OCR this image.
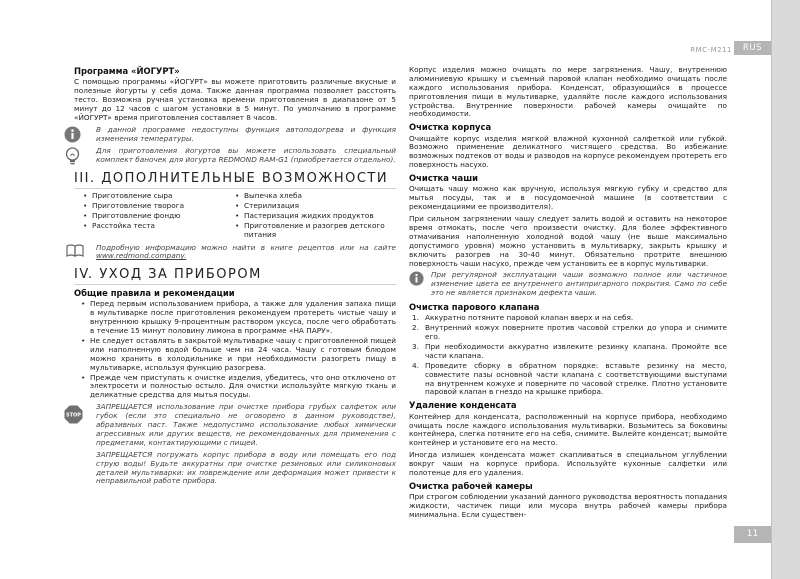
RMC-M211	RUS
11
Программа «ЙОГУРТ»

С помощью программы «ЙОГУРТ» вы можете приготовить различные вкусные и полезные йогурты у себя дома. Также данная программа позволяет расстоять тесто. Возможна ручная установка времени приготовления в диапазоне от 5 минут до 12 часов с шагом установки в 5 минут. По умолчанию в программе «ЙОГУРТ» время приготовления составляет 8 часов.

В данной программе недоступны функция автоподогрева и функция изменения температуры.

Для приготовления йогуртов вы можете использовать специальный комплект баночек для йогурта REDMOND RAM-G1 (приобретается отдельно).

III. ДОПОЛНИТЕЛЬНЫЕ ВОЗМОЖНОСТИ
• Приготовление сыра	• Выпечка хлеба
• Приготовление творога	• Стерилизация
• Приготовление фондю	• Пастеризация жидких продуктов
• Расстойка теста	• Приготовление и разогрев детского питания

Подробную информацию можно найти в книге рецептов или на сайте www.redmond.company.

IV. УХОД ЗА ПРИБОРОМ
Общие правила и рекомендации
• Перед первым использованием прибора, а также для удаления запаха пищи в мультиварке после приготовления рекомендуем протереть чистые чашу и внутреннюю крышку 9-процентным раствором уксуса, после чего обработать в течение 15 минут половину лимона в программе «НА ПАРУ».
• Не следует оставлять в закрытой мультиварке чашу с приготовленной пищей или наполненную водой больше чем на 24 часа. Чашу с готовым блюдом можно хранить в холодильнике и при необходимости разогреть пищу в мультиварке, используя функцию разогрева.
• Прежде чем приступать к очистке изделия, убедитесь, что оно отключено от электросети и полностью остыло. Для очистки используйте мягкую ткань и деликатные средства для мытья посуды.
STOP

ЗАПРЕЩАЕТСЯ использование при очистке прибора грубых салфеток или губок (если это специально не оговорено в данном руководстве), абразивных паст. Также недопустимо использование любых химически агрессивных или других веществ, не рекомендованных для применения с предметами, контактирующими с пищей.

ЗАПРЕЩАЕТСЯ погружать корпус прибора в воду или помещать его под струю воды! Будьте аккуратны при очистке резиновых или силиконовых деталей мультиварки: их повреждение или деформация может привести к неправильной работе прибора.

Корпус изделия можно очищать по мере загрязнения. Чашу, внутреннюю алюминиевую крышку и съемный паровой клапан необходимо очищать после каждого использования прибора. Конденсат, образующийся в процессе приготовления пищи в мультиварке, удаляйте после каждого использования устройства. Внутренние поверхности рабочей камеры очищайте по необходимости.

Очистка корпуса

Очищайте корпус изделия мягкой влажной кухонной салфеткой или губкой. Возможно применение деликатного чистящего средства. Во избежание возможных подтеков от воды и разводов на корпусе рекомендуем протереть его поверхность насухо.

Очистка чаши

Очищать чашу можно как вручную, используя мягкую губку и средство для мытья посуды, так и в посудомоечной машине (в соответствии с рекомендациями ее производителя).

При сильном загрязнении чашу следует залить водой и оставить на некоторое время отмокать, после чего произвести очистку. Для более эффективного отмачивания наполненную холодной водой чашу (не выше максимально допустимого уровня) можно установить в мультиварку, закрыть крышку и включить разогрев на 30-40 минут. Обязательно протрите внешнюю поверхность чаши насухо, прежде чем установить ее в корпус мультиварки.

При регулярной эксплуатации чаши возможно полное или частичное изменение цвета ее внутреннего антипригарного покрытия. Само по себе это не является признаком дефекта чаши.

Очистка парового клапана
1. Аккуратно потяните паровой клапан вверх и на себя.
2. Внутренний кожух поверните против часовой стрелки до упора и снимите его.
3. При необходимости аккуратно извлеките резинку клапана. Промойте все части клапана.
4. Проведите сборку в обратном порядке: вставьте резинку на место, совместите пазы основной части клапана с соответствующими выступами на внутреннем кожухе и поверните по часовой стрелке. Плотно установите паровой клапан в гнездо на крышке прибора.
Удаление конденсата

Контейнер для конденсата, расположенный на корпусе прибора, необходимо очищать после каждого использования мультиварки. Возьмитесь за боковины контейнера, слегка потяните его на себя, снимите. Вылейте конденсат; вымойте контейнер и установите его на место.

Иногда излишек конденсата может скапливаться в специальном углублении вокруг чаши на корпусе прибора. Используйте кухонные салфетки или полотенце для его удаления.

Очистка рабочей камеры

При строгом соблюдении указаний данного руководства вероятность попадания жидкости, частичек пищи или мусора внутрь рабочей камеры прибора минимальна. Если существен-
